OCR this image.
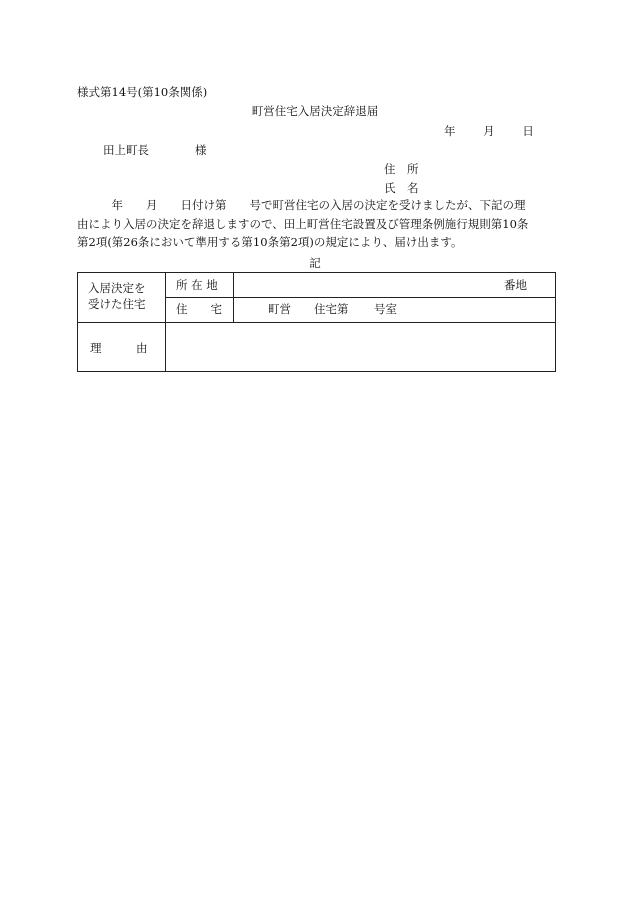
様式第14号(第10条関係)
町営住宅入居決定辞退届
年 月 日
田上町長	様
住　所
氏　名

　　　年　　月　　日付け第　　号で町営住宅の入居の決定を受けましたが、下記の理

由により入居の決定を辞退しますので、田上町営住宅設置及び管理条例施行規則第10条

第2項(第26条において準用する第10条第2項)の規定により、届け出ます。

記
入居決定を
受けた住宅
所 在 地	番地
住　　宅	町営 住宅第 号室
理　　　由
